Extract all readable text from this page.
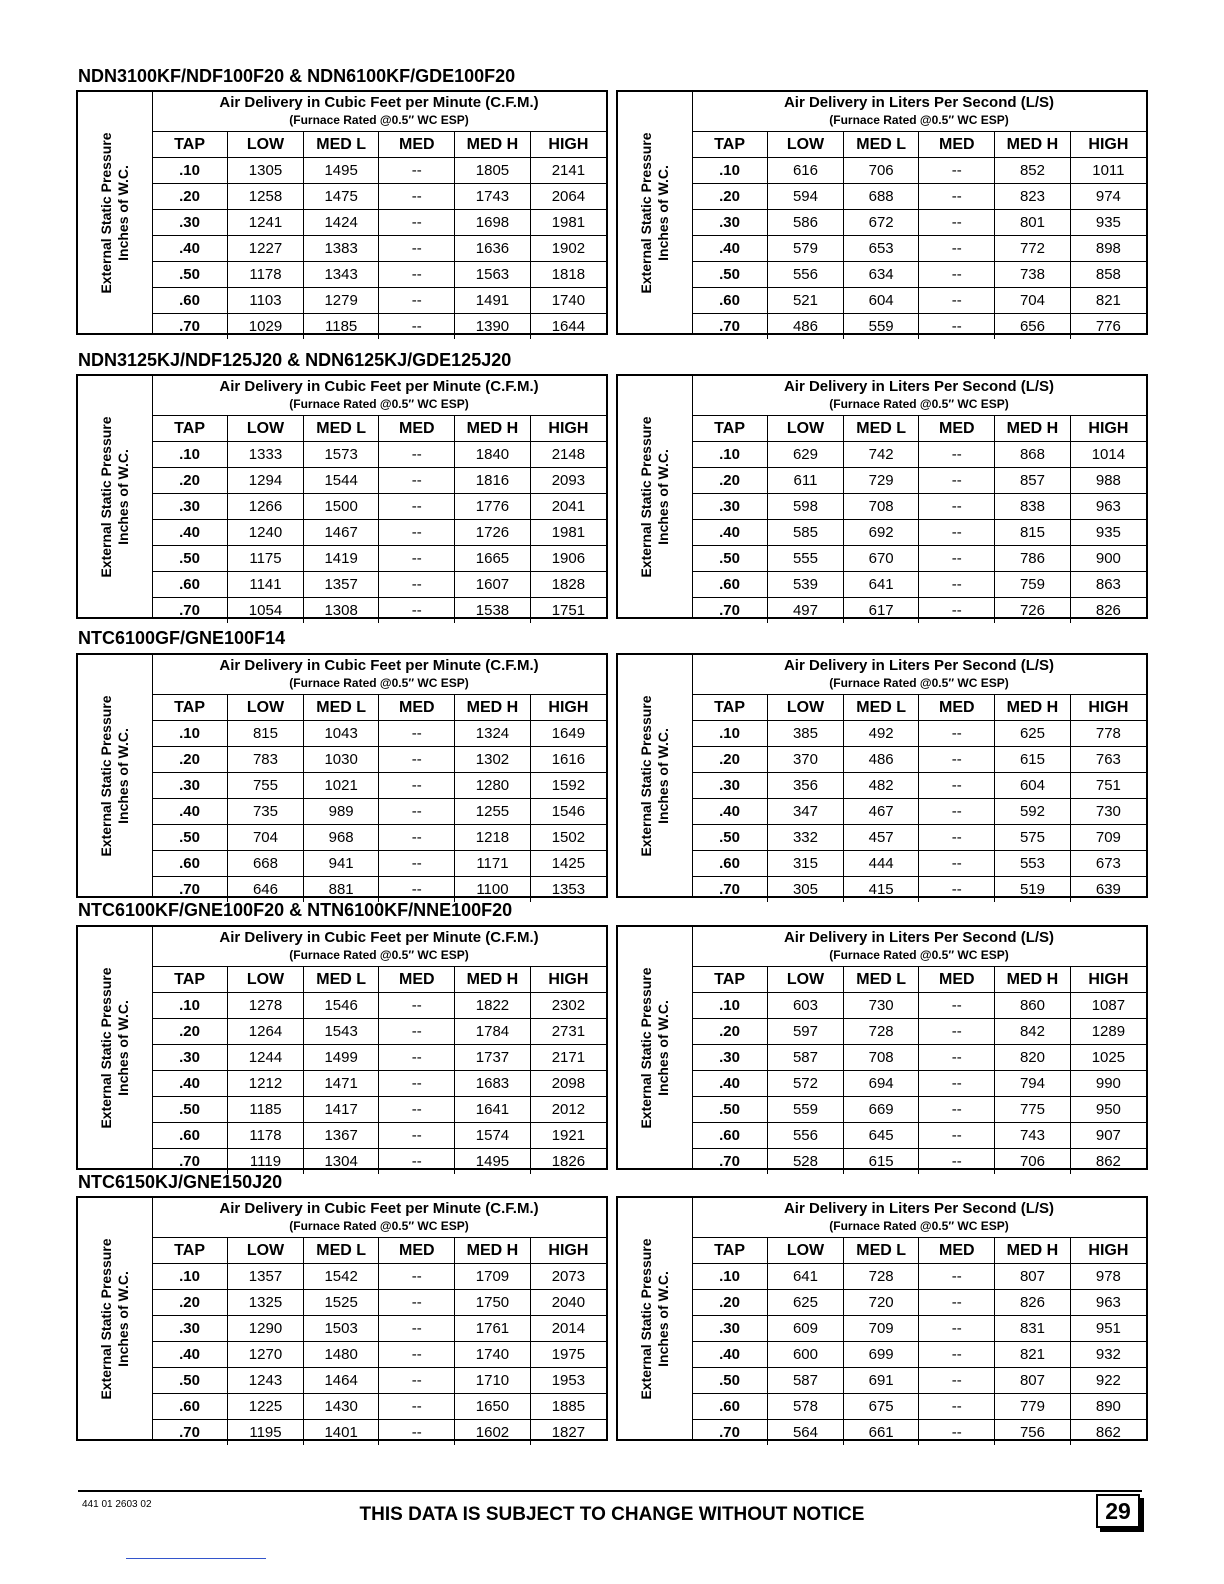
NDN3100KF/NDF100F20 & NDN6100KF/GDE100F20
External Static Pressure Inches of W.C.
Air Delivery in Cubic Feet per Minute (C.F.M.)
(Furnace Rated @0.5″ WC ESP)
TAP	LOW	MED L	MED	MED H	HIGH
.10	1305	1495	--	1805	2141
.20	1258	1475	--	1743	2064
.30	1241	1424	--	1698	1981
.40	1227	1383	--	1636	1902
.50	1178	1343	--	1563	1818
.60	1103	1279	--	1491	1740
.70	1029	1185	--	1390	1644
External Static Pressure Inches of W.C.
Air Delivery in Liters Per Second (L/S)
(Furnace Rated @0.5″ WC ESP)
TAP	LOW	MED L	MED	MED H	HIGH
.10	616	706	--	852	1011
.20	594	688	--	823	974
.30	586	672	--	801	935
.40	579	653	--	772	898
.50	556	634	--	738	858
.60	521	604	--	704	821
.70	486	559	--	656	776
NDN3125KJ/NDF125J20 & NDN6125KJ/GDE125J20
External Static Pressure Inches of W.C.
Air Delivery in Cubic Feet per Minute (C.F.M.)
(Furnace Rated @0.5″ WC ESP)
TAP	LOW	MED L	MED	MED H	HIGH
.10	1333	1573	--	1840	2148
.20	1294	1544	--	1816	2093
.30	1266	1500	--	1776	2041
.40	1240	1467	--	1726	1981
.50	1175	1419	--	1665	1906
.60	1141	1357	--	1607	1828
.70	1054	1308	--	1538	1751
External Static Pressure Inches of W.C.
Air Delivery in Liters Per Second (L/S)
(Furnace Rated @0.5″ WC ESP)
TAP	LOW	MED L	MED	MED H	HIGH
.10	629	742	--	868	1014
.20	611	729	--	857	988
.30	598	708	--	838	963
.40	585	692	--	815	935
.50	555	670	--	786	900
.60	539	641	--	759	863
.70	497	617	--	726	826
NTC6100GF/GNE100F14
External Static Pressure Inches of W.C.
Air Delivery in Cubic Feet per Minute (C.F.M.)
(Furnace Rated @0.5″ WC ESP)
TAP	LOW	MED L	MED	MED H	HIGH
.10	815	1043	--	1324	1649
.20	783	1030	--	1302	1616
.30	755	1021	--	1280	1592
.40	735	989	--	1255	1546
.50	704	968	--	1218	1502
.60	668	941	--	1171	1425
.70	646	881	--	1100	1353
External Static Pressure Inches of W.C.
Air Delivery in Liters Per Second (L/S)
(Furnace Rated @0.5″ WC ESP)
TAP	LOW	MED L	MED	MED H	HIGH
.10	385	492	--	625	778
.20	370	486	--	615	763
.30	356	482	--	604	751
.40	347	467	--	592	730
.50	332	457	--	575	709
.60	315	444	--	553	673
.70	305	415	--	519	639
NTC6100KF/GNE100F20 & NTN6100KF/NNE100F20
External Static Pressure Inches of W.C.
Air Delivery in Cubic Feet per Minute (C.F.M.)
(Furnace Rated @0.5″ WC ESP)
TAP	LOW	MED L	MED	MED H	HIGH
.10	1278	1546	--	1822	2302
.20	1264	1543	--	1784	2731
.30	1244	1499	--	1737	2171
.40	1212	1471	--	1683	2098
.50	1185	1417	--	1641	2012
.60	1178	1367	--	1574	1921
.70	1119	1304	--	1495	1826
External Static Pressure Inches of W.C.
Air Delivery in Liters Per Second (L/S)
(Furnace Rated @0.5″ WC ESP)
TAP	LOW	MED L	MED	MED H	HIGH
.10	603	730	--	860	1087
.20	597	728	--	842	1289
.30	587	708	--	820	1025
.40	572	694	--	794	990
.50	559	669	--	775	950
.60	556	645	--	743	907
.70	528	615	--	706	862
NTC6150KJ/GNE150J20
External Static Pressure Inches of W.C.
Air Delivery in Cubic Feet per Minute (C.F.M.)
(Furnace Rated @0.5″ WC ESP)
TAP	LOW	MED L	MED	MED H	HIGH
.10	1357	1542	--	1709	2073
.20	1325	1525	--	1750	2040
.30	1290	1503	--	1761	2014
.40	1270	1480	--	1740	1975
.50	1243	1464	--	1710	1953
.60	1225	1430	--	1650	1885
.70	1195	1401	--	1602	1827
External Static Pressure Inches of W.C.
Air Delivery in Liters Per Second (L/S)
(Furnace Rated @0.5″ WC ESP)
TAP	LOW	MED L	MED	MED H	HIGH
.10	641	728	--	807	978
.20	625	720	--	826	963
.30	609	709	--	831	951
.40	600	699	--	821	932
.50	587	691	--	807	922
.60	578	675	--	779	890
.70	564	661	--	756	862
441 01 2603 02	THIS DATA IS SUBJECT TO CHANGE WITHOUT NOTICE	29
